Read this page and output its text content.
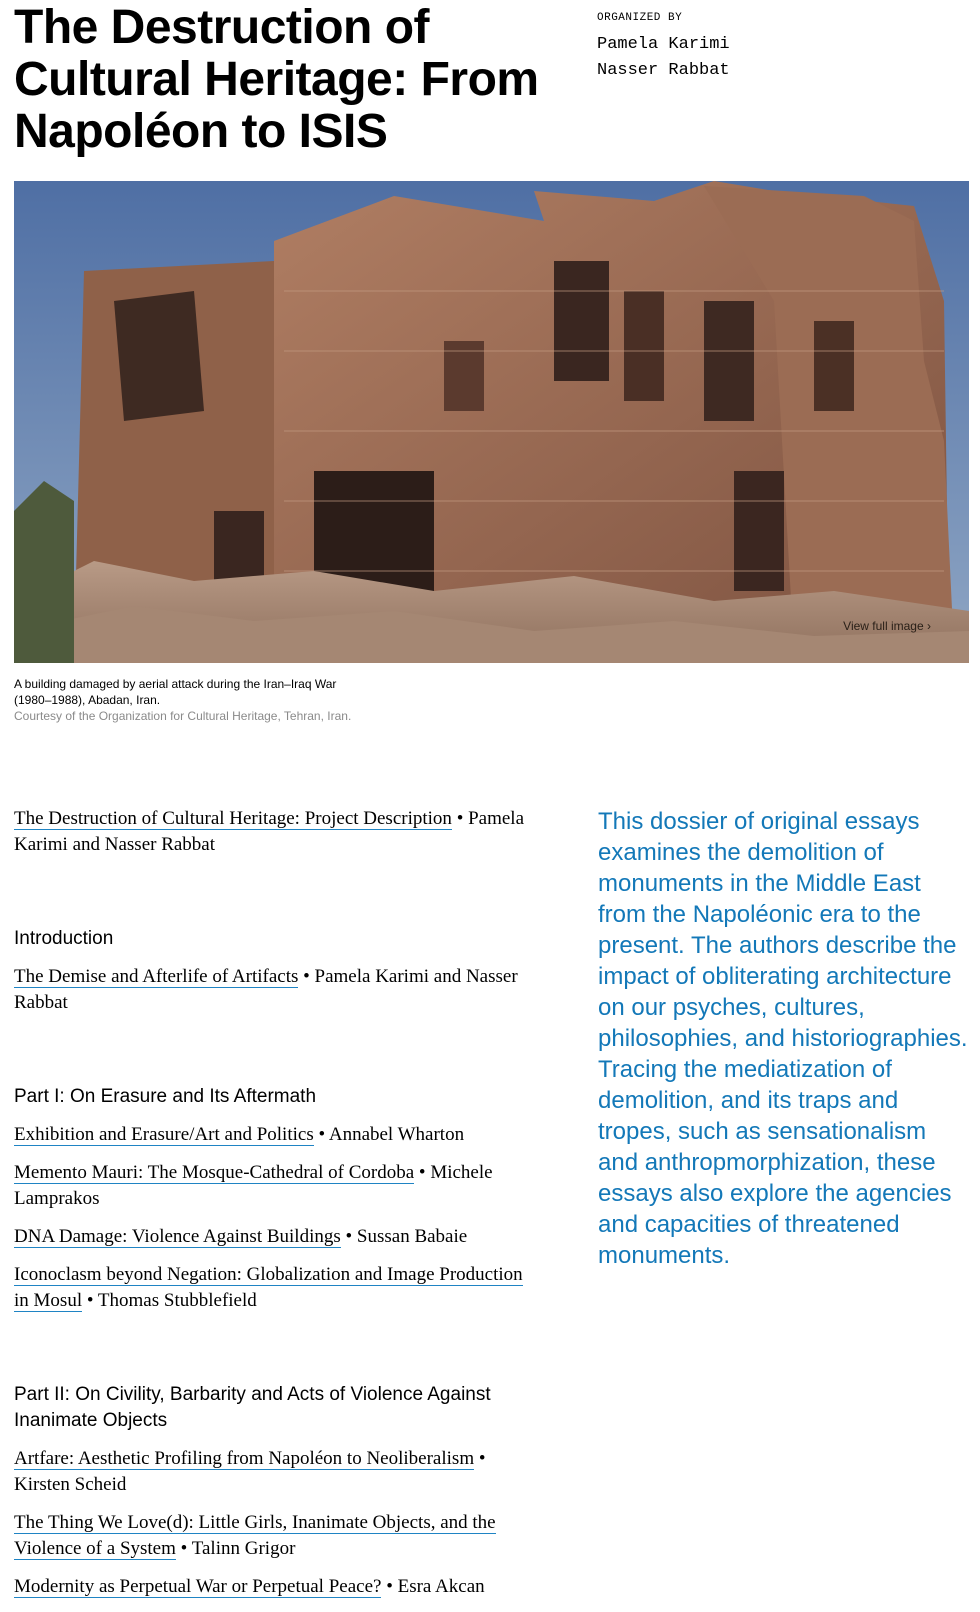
The Destruction of Cultural Heritage: From Napoléon to ISIS
ORGANIZED BY
Pamela Karimi
Nasser Rabbat
View full image ›
A building damaged by aerial attack during the Iran–Iraq War (1980–1988), Abadan, Iran.
Courtesy of the Organization for Cultural Heritage, Tehran, Iran.

The Destruction of Cultural Heritage: Project Description • Pamela Karimi and Nasser Rabbat

Introduction

The Demise and Afterlife of Artifacts • Pamela Karimi and Nasser Rabbat

Part I: On Erasure and Its Aftermath

Exhibition and Erasure/Art and Politics • Annabel Wharton

Memento Mauri: The Mosque-Cathedral of Cordoba • Michele Lamprakos

DNA Damage: Violence Against Buildings • Sussan Babaie

Iconoclasm beyond Negation: Globalization and Image Production in Mosul • Thomas Stubblefield

Part II: On Civility, Barbarity and Acts of Violence Against Inanimate Objects

Artfare: Aesthetic Profiling from Napoléon to Neoliberalism • Kirsten Scheid

The Thing We Love(d): Little Girls, Inanimate Objects, and the Violence of a System • Talinn Grigor

Modernity as Perpetual War or Perpetual Peace? • Esra Akcan

This dossier of original essays examines the demolition of monuments in the Middle East from the Napoléonic era to the present. The authors describe the impact of obliterating architecture on our psyches, cultures, philosophies, and historiographies. Tracing the mediatization of demolition, and its traps and tropes, such as sensationalism and anthropmorphization, these essays also explore the agencies and capacities of threatened monuments.
